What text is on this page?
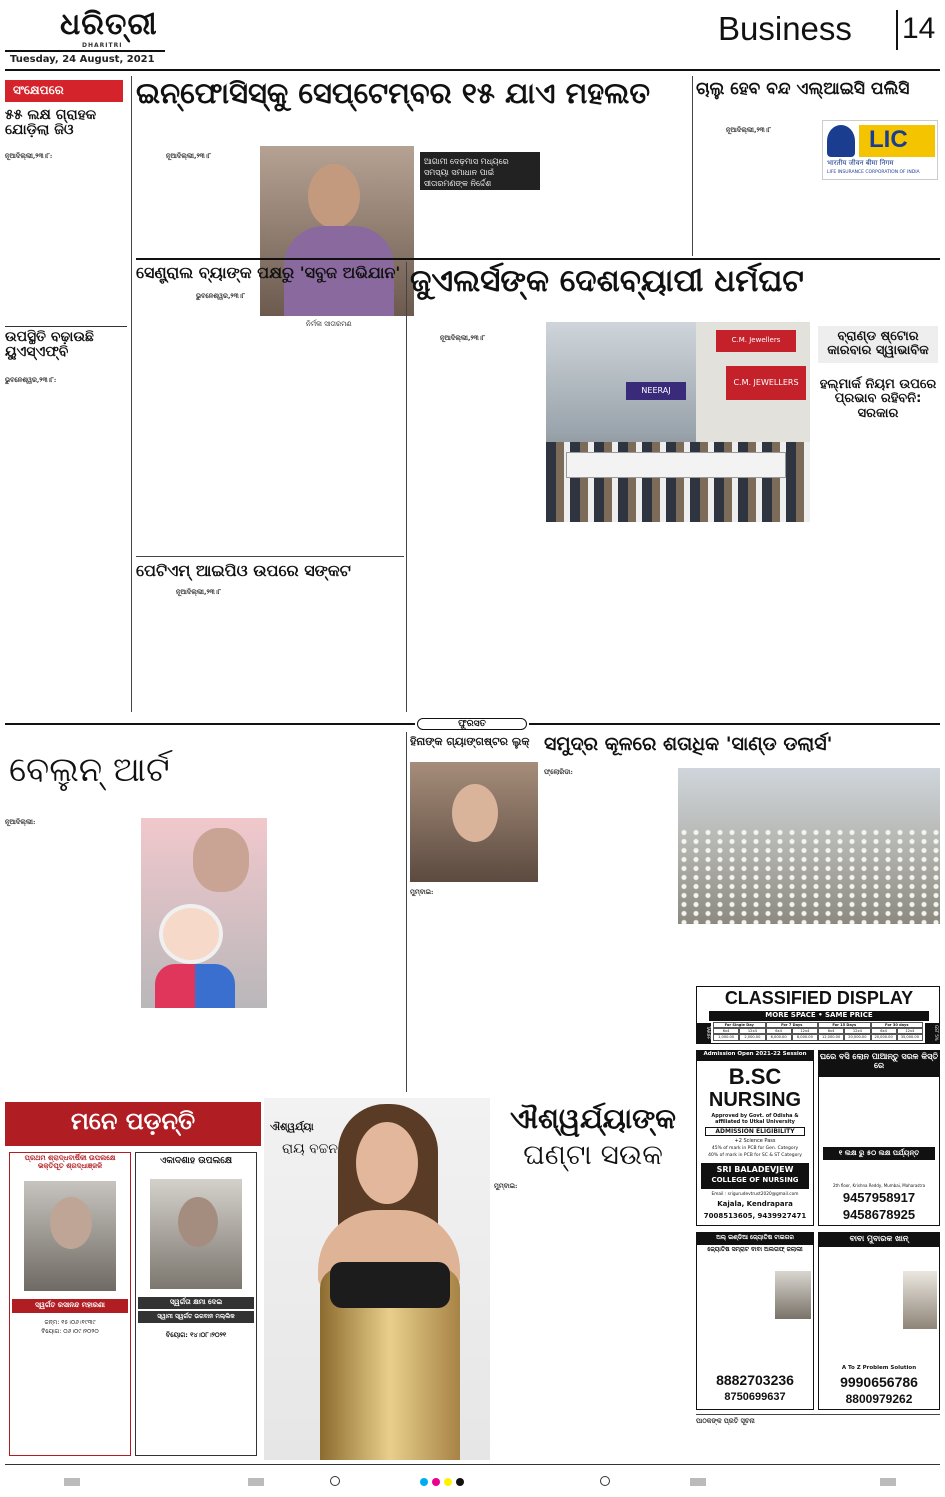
ଧରିତ୍ରୀ
DHARITRI
Tuesday, 24 August, 2021
Business 14
ସଂକ୍ଷେପରେ
୫୫ ଲକ୍ଷ ଗ୍ରାହକ ଯୋଡ଼ିଲା ଜିଓ
ନୂଆଦିଲ୍ଲୀ,୨୩।୮:
ଉପସ୍ଥିତି ବଢ଼ାଉଛି ୟୁଏସ୍‌ଏଫ୍‌ବି
ଭୁବନେଶ୍ୱର,୨୩।୮:
ଇନ୍‌ଫୋସିସ୍‌କୁ ସେପ୍ଟେମ୍ବର ୧୫ ଯାଏ ମହଲତ
ନୂଆଦିଲ୍ଲୀ,୨୩।୮
ନିର୍ମଳା ସୀତାରମଣ
ଆଗାମୀ ଦେଢ଼ମାସ ମଧ୍ୟରେ ସମସ୍ୟା ସମାଧାନ ପାଇଁ ସୀତାରମଣଙ୍କ ନିର୍ଦ୍ଦେଶ
ଚାଲୁ ହେବ ବନ୍ଦ ଏଲ୍‌ଆଇସି ପଲିସି
ନୂଆଦିଲ୍ଲୀ,୨୩।୮	LIC
भारतीय जीवन बीमा निगम
LIFE INSURANCE CORPORATION OF INDIA
ସେଣ୍ଟ୍ରାଲ ବ୍ୟାଙ୍କ ପକ୍ଷରୁ 'ସବୁଜ ଅଭିଯାନ'
ଭୁବନେଶ୍ୱର,୨୩।୮	ଜୁଏଲର୍ସଙ୍କ ଦେଶବ୍ୟାପୀ ଧର୍ମଘଟ
ନୂଆଦିଲ୍ଲୀ,୨୩।୮	C.M. Jewellers
NEERAJ
C.M. JEWELLERS
ବ୍ରାଣ୍ଡ ଷ୍ଟୋର କାରବାର ସ୍ୱାଭାବିକ
ହଲ୍‌ମାର୍କ ନିୟମ ଉପରେ ପ୍ରଭାବ ରହିବନି: ସରକାର
ପେଟିଏମ୍ ଆଇପିଓ ଉପରେ ସଙ୍କଟ
ନୂଆଦିଲ୍ଲୀ,୨୩।୮
ଫୁରସତ
ବେଲୁନ୍ ଆର୍ଟ
ନୂଆଦିଲ୍ଲୀ:
ହିନାଙ୍କ ଗ୍ୟାଙ୍ଗଷ୍ଟର ଲୁକ୍
ମୁମ୍ବାଇ:
ସମୁଦ୍ର କୂଳରେ ଶତାଧିକ 'ସାଣ୍ଡ ଡଲାର୍ସ'
ଫ୍ଲୋରିଡା:
CLASSIFIED DISPLAY
MORE SPACE • SAME PRICE
TARIFF	GST 5%
For Single Day	For 7 Days	For 15 Days	For 30 days
6x4	12x4	6x4	12x4	6x4	12x4	6x4	12x4
1,000.00	2,000.00	6,000.00	8,000.00	12,000.00	20,000.00	20,000.00	35,000.00
Admission Open 2021-22 Session
B.SC
NURSING
Approved by Govt. of Odisha & affiliated to Utkal University
ADMISSION ELIGIBILITY
+2 Science Pass
45% of mark in PCB for Gen. Category
40% of mark in PCB for SC & ST Category
SRI BALADEVJEW
COLLEGE OF NURSING
Email : srigurudevtrust2020@gmail.com
Kajala, Kendrapara
7008513605, 9439927471
ଘରେ ବସି ଲୋନ ପାଆନ୍ତୁ ସରଳ କିସ୍ତି ରେ
୧ ଲକ୍ଷ ରୁ ୫୦ ଲକ୍ଷ ପର୍ଯ୍ୟନ୍ତ
2th floor, Krishna Reddy, Mumbai, Maharastra
9457958917
9458678925
ଅଲ୍ ଇଣ୍ଡିଆ ଜ୍ୟୋତିଷ ଟାଇଗର
ଜ୍ୟୋତିଷ ସମ୍ରାଟ ବାବା ଅଲତାଫ୍ ଜଲାଲୀ
8882703236
8750699637
ବାବା ମୁବାରକ ଖାନ୍
A To Z Problem Solution
9990656786
8800979262
ମନେ ପଡ଼ନ୍ତି
ପ୍ରଥମ ଶ୍ରାଦ୍ଧବାର୍ଷିକୀ ଉପଲକ୍ଷେ ଭକ୍ତିପୂତ ଶ୍ରଦ୍ଧାଞ୍ଜଳି
ସ୍ୱର୍ଗତ ରସାନନ୍ଦ ମହାରଣା
ଜନ୍ମ: ୧୫।୦୬।୧୯୩୯
ବିୟୋଗ: ୦୬।୦୯।୨୦୨୦
ଏକାଦଶାହ ଉପଲକ୍ଷେ
ସ୍ୱର୍ଗତା କ୍ଷମା ଦେଇ
ସ୍ୱାମୀ ସ୍ୱର୍ଗତ ଭଗବାନ ମଲ୍ଲିକ
ବିୟୋଗ: ୧୪।୦୮।୨୦୨୧
ଐଶ୍ୱର୍ଯ୍ୟା
ରାୟ ବଚ୍ଚନ
ଐଶ୍ୱର୍ଯ୍ୟାଙ୍କ
ଘଣ୍ଟା ସଉକ
ମୁମ୍ବାଇ:
ପାଠକଙ୍କ ପ୍ରତି ସୂଚନା
